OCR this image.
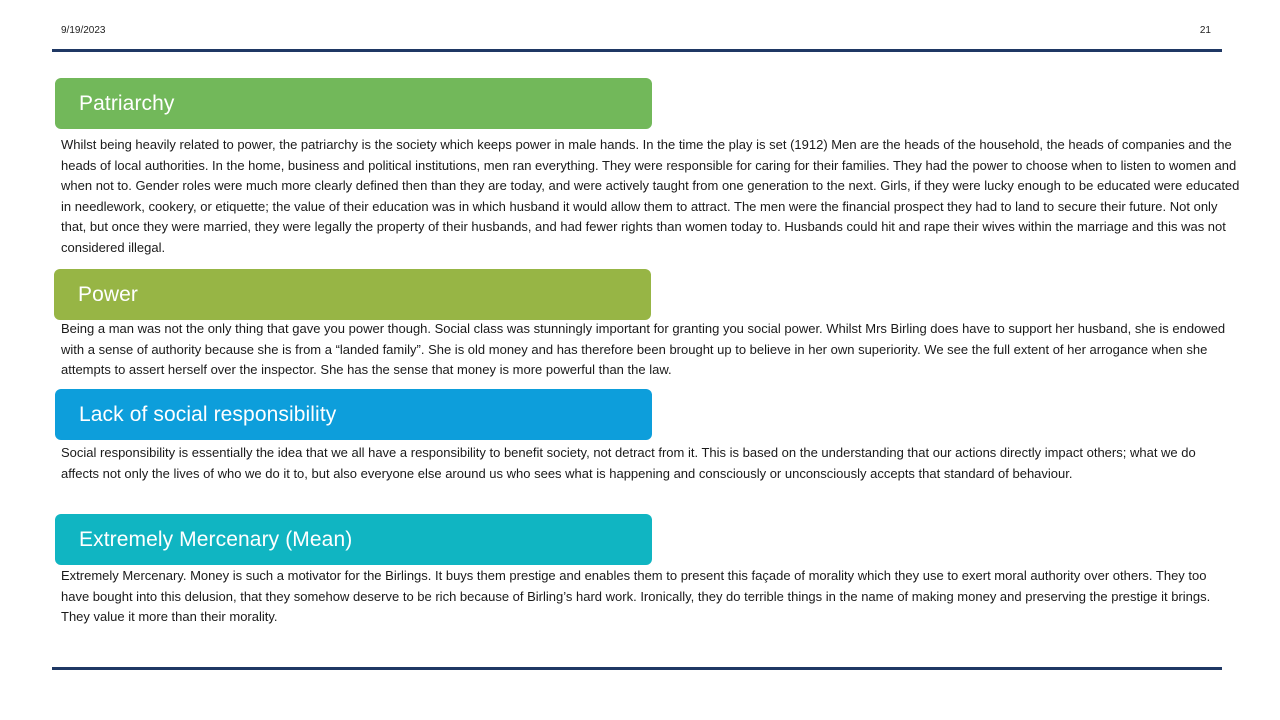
9/19/2023	21
Patriarchy
Whilst being heavily related to power, the patriarchy is the society which keeps power in male hands. In the time the play is set (1912) Men are the heads of the household, the heads of companies and the heads of local authorities. In the home, business and political institutions, men ran everything. They were responsible for caring for their families. They had the power to choose when to listen to women and when not to. Gender roles were much more clearly defined then than they are today, and were actively taught from one generation to the next. Girls, if they were lucky enough to be educated were educated in needlework, cookery, or etiquette; the value of their education was in which husband it would allow them to attract. The men were the financial prospect they had to land to secure their future. Not only that, but once they were married, they were legally the property of their husbands, and had fewer rights than women today to. Husbands could hit and rape their wives within the marriage and this was not considered illegal.
Power
Being a man was not the only thing that gave you power though. Social class was stunningly important for granting you social power. Whilst Mrs Birling does have to support her husband, she is endowed with a sense of authority because she is from a “landed family”. She is old money and has therefore been brought up to believe in her own superiority. We see the full extent of her arrogance when she attempts to assert herself over the inspector. She has the sense that money is more powerful than the law.
Lack of social responsibility
Social responsibility is essentially the idea that we all have a responsibility to benefit society, not detract from it. This is based on the understanding that our actions directly impact others; what we do affects not only the lives of who we do it to, but also everyone else around us who sees what is happening and consciously or unconsciously accepts that standard of behaviour.
Extremely Mercenary (Mean)
Extremely Mercenary. Money is such a motivator for the Birlings. It buys them prestige and enables them to present this façade of morality which they use to exert moral authority over others. They too have bought into this delusion, that they somehow deserve to be rich because of Birling’s hard work. Ironically, they do terrible things in the name of making money and preserving the prestige it brings. They value it more than their morality.
